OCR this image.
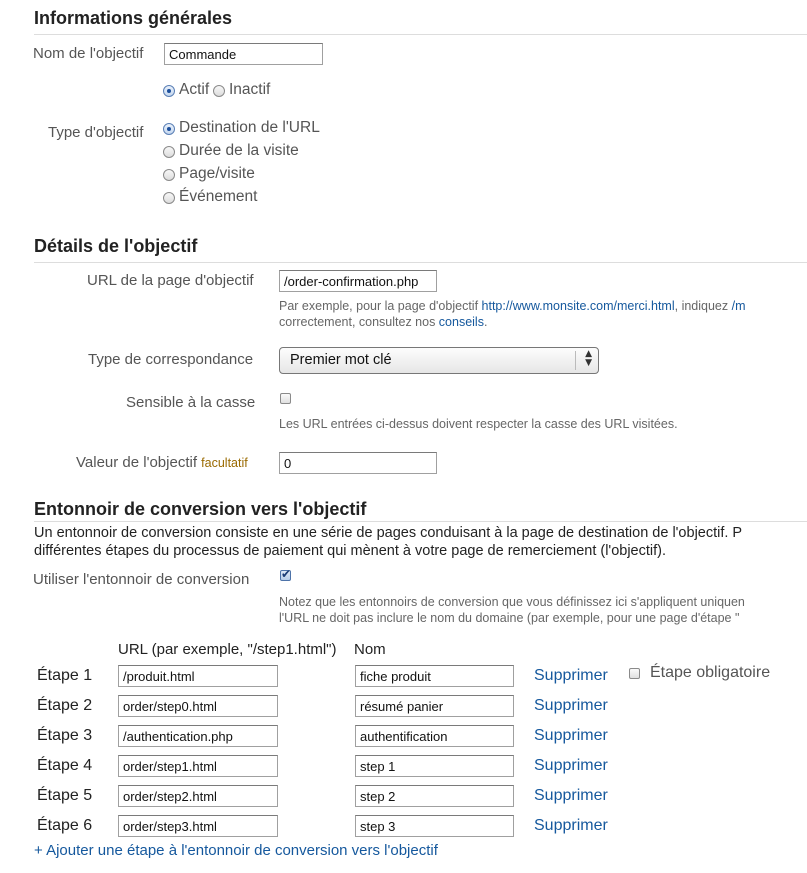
Informations générales
Nom de l'objectif
Commande
Actif Inactif
Type d'objectif Destination de l'URL
Durée de la visite
Page/visite
Événement
Détails de l'objectif
URL de la page d'objectif
/order-confirmation.php
Par exemple, pour la page d'objectif http://www.monsite.com/merci.html, indiquez /m
correctement, consultez nos conseils.
Type de correspondance	Premier mot clé	▲
▼
Sensible à la casse
Les URL entrées ci-dessus doivent respecter la casse des URL visitées.
Valeur de l'objectif facultatif
0
Entonnoir de conversion vers l'objectif
Un entonnoir de conversion consiste en une série de pages conduisant à la page de destination de l'objectif. P
différentes étapes du processus de paiement qui mènent à votre page de remerciement (l'objectif).
Utiliser l'entonnoir de conversion
✔
Notez que les entonnoirs de conversion que vous définissez ici s'appliquent uniquen
l'URL ne doit pas inclure le nom du domaine (par exemple, pour une page d'étape "
URL (par exemple, "/step1.html") Nom
Étape 1
/produit.html
fiche produit	Supprimer	Étape obligatoire
Étape 2
order/step0.html
résumé panier	Supprimer
Étape 3
/authentication.php
authentification	Supprimer
Étape 4
order/step1.html
step 1	Supprimer
Étape 5
order/step2.html
step 2	Supprimer
Étape 6
order/step3.html
step 3	Supprimer
+ Ajouter une étape à l'entonnoir de conversion vers l'objectif
